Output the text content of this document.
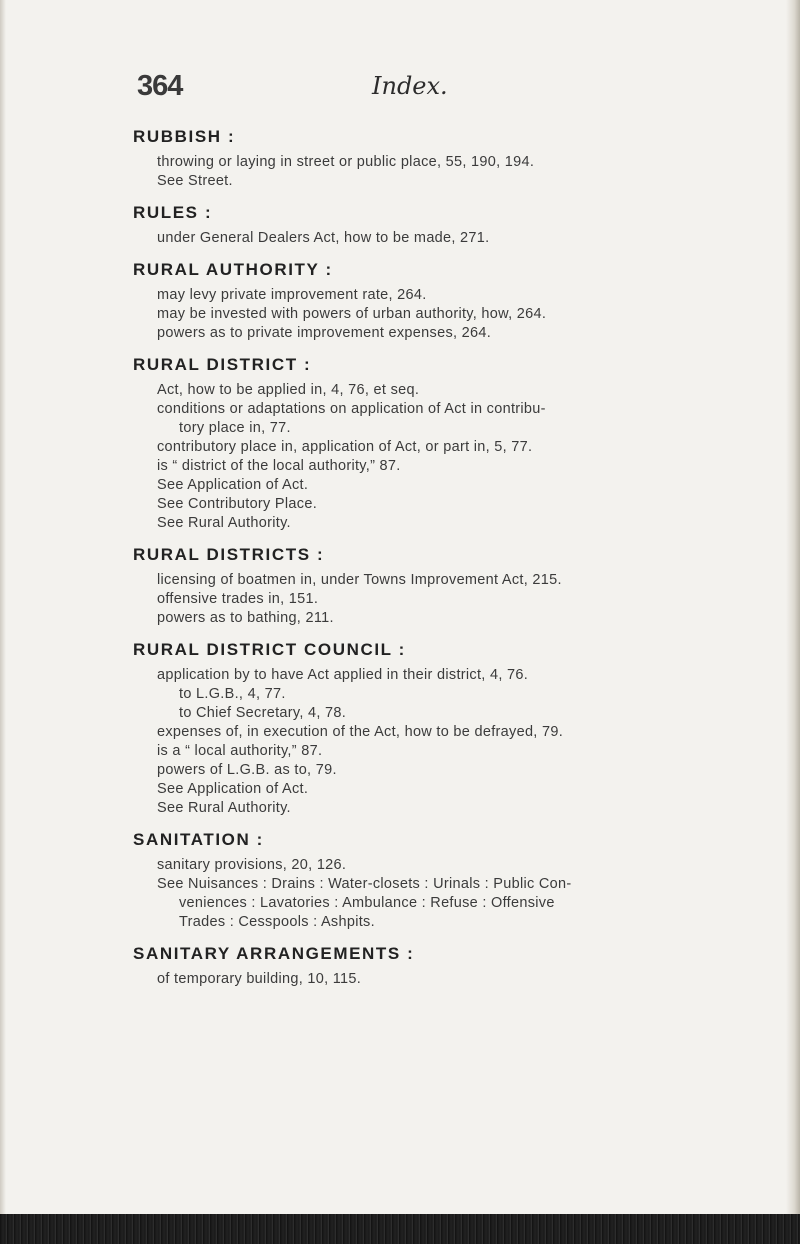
364	Index.
RUBBISH :
throwing or laying in street or public place, 55, 190, 194.
See Street.
RULES :
under General Dealers Act, how to be made, 271.
RURAL AUTHORITY :
may levy private improvement rate, 264.
may be invested with powers of urban authority, how, 264.
powers as to private improvement expenses, 264.
RURAL DISTRICT :
Act, how to be applied in, 4, 76, et seq.
conditions or adaptations on application of Act in contribu-
tory place in, 77.
contributory place in, application of Act, or part in, 5, 77.
is “ district of the local authority,” 87.
See Application of Act.
See Contributory Place.
See Rural Authority.
RURAL DISTRICTS :
licensing of boatmen in, under Towns Improvement Act, 215.
offensive trades in, 151.
powers as to bathing, 211.
RURAL DISTRICT COUNCIL :
application by to have Act applied in their district, 4, 76.
to L.G.B., 4, 77.
to Chief Secretary, 4, 78.
expenses of, in execution of the Act, how to be defrayed, 79.
is a “ local authority,” 87.
powers of L.G.B. as to, 79.
See Application of Act.
See Rural Authority.
SANITATION :
sanitary provisions, 20, 126.
See Nuisances : Drains : Water-closets : Urinals : Public Con-
veniences : Lavatories : Ambulance : Refuse : Offensive
Trades : Cesspools : Ashpits.
SANITARY ARRANGEMENTS :
of temporary building, 10, 115.
